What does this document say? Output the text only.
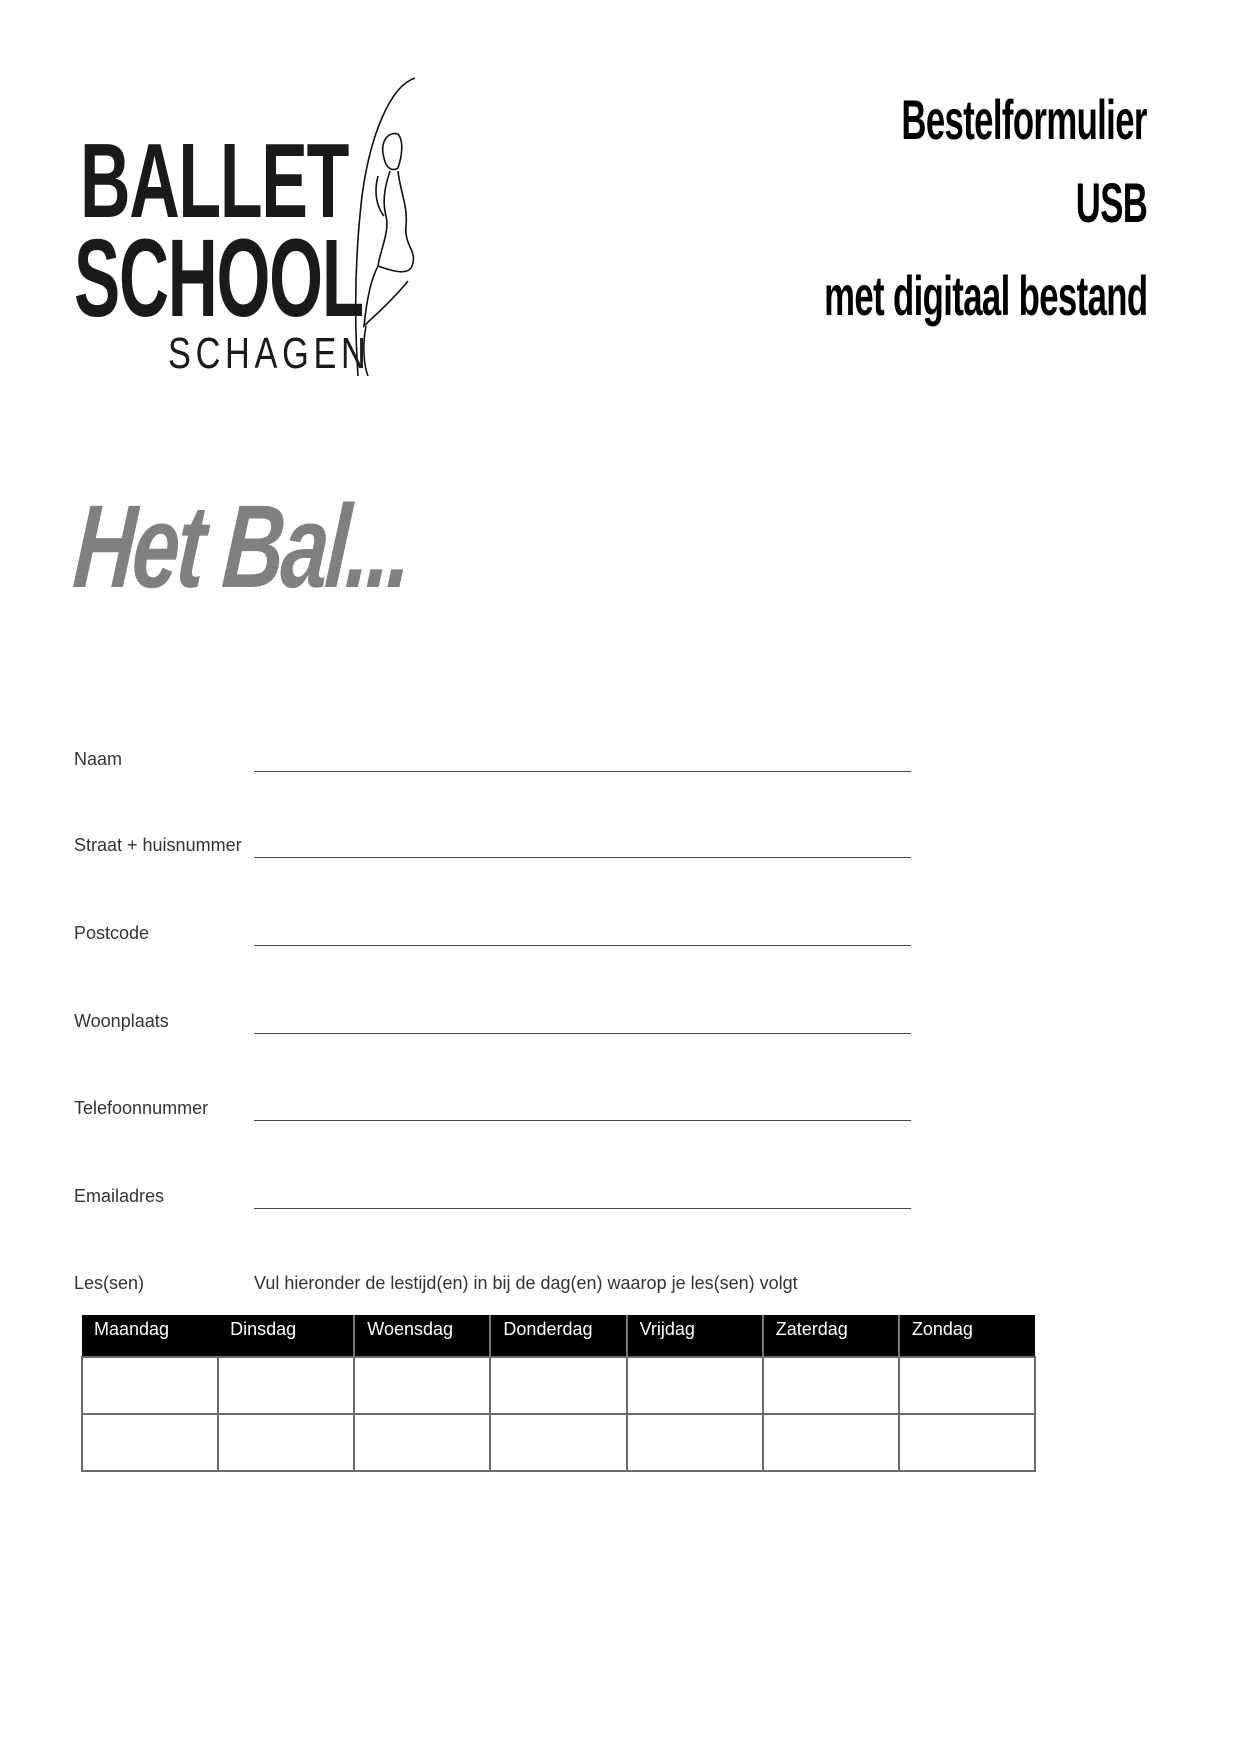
BALLET
SCHOOL
SCHAGEN
Bestelformulier
USB
met digitaal bestand
Het Bal...
Naam
Straat + huisnummer
Postcode
Woonplaats
Telefoonnummer
Emailadres
Les(sen)	Vul hieronder de lestijd(en) in bij de dag(en) waarop je les(sen) volgt
Maandag	Dinsdag	Woensdag	Donderdag	Vrijdag	Zaterdag	Zondag
